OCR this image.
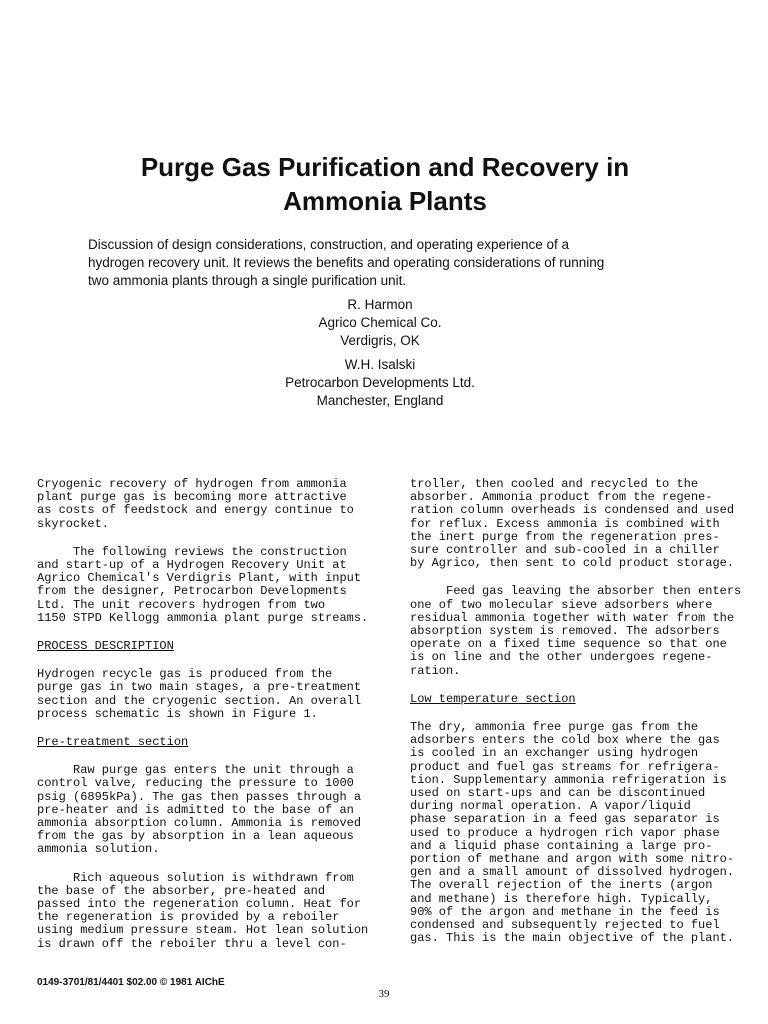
Purge Gas Purification and Recovery in
Ammonia Plants
Discussion of design considerations, construction, and operating experience of a
hydrogen recovery unit. It reviews the benefits and operating considerations of running
two ammonia plants through a single purification unit.
R. Harmon
Agrico Chemical Co.
Verdigris, OK
W.H. Isalski
Petrocarbon Developments Ltd.
Manchester, England

Cryogenic recovery of hydrogen from ammonia
plant purge gas is becoming more attractive
as costs of feedstock and energy continue to
skyrocket.

The following reviews the construction
and start-up of a Hydrogen Recovery Unit at
Agrico Chemical's Verdigris Plant, with input
from the designer, Petrocarbon Developments
Ltd. The unit recovers hydrogen from two
1150 STPD Kellogg ammonia plant purge streams.

PROCESS DESCRIPTION

Hydrogen recycle gas is produced from the
purge gas in two main stages, a pre-treatment
section and the cryogenic section. An overall
process schematic is shown in Figure 1.

Pre-treatment section

Raw purge gas enters the unit through a
control valve, reducing the pressure to 1000
psig (6895kPa). The gas then passes through a
pre-heater and is admitted to the base of an
ammonia absorption column. Ammonia is removed
from the gas by absorption in a lean aqueous
ammonia solution.

Rich aqueous solution is withdrawn from
the base of the absorber, pre-heated and
passed into the regeneration column. Heat for
the regeneration is provided by a reboiler
using medium pressure steam. Hot lean solution
is drawn off the reboiler thru a level con-

troller, then cooled and recycled to the
absorber. Ammonia product from the regene-
ration column overheads is condensed and used
for reflux. Excess ammonia is combined with
the inert purge from the regeneration pres-
sure controller and sub-cooled in a chiller
by Agrico, then sent to cold product storage.

Feed gas leaving the absorber then enters
one of two molecular sieve adsorbers where
residual ammonia together with water from the
absorption system is removed. The adsorbers
operate on a fixed time sequence so that one
is on line and the other undergoes regene-
ration.

Low temperature section

The dry, ammonia free purge gas from the
adsorbers enters the cold box where the gas
is cooled in an exchanger using hydrogen
product and fuel gas streams for refrigera-
tion. Supplementary ammonia refrigeration is
used on start-ups and can be discontinued
during normal operation. A vapor/liquid
phase separation in a feed gas separator is
used to produce a hydrogen rich vapor phase
and a liquid phase containing a large pro-
portion of methane and argon with some nitro-
gen and a small amount of dissolved hydrogen.
The overall rejection of the inerts (argon
and methane) is therefore high. Typically,
90% of the argon and methane in the feed is
condensed and subsequently rejected to fuel
gas. This is the main objective of the plant.

0149-3701/81/4401 $02.00 © 1981 AIChE
39
